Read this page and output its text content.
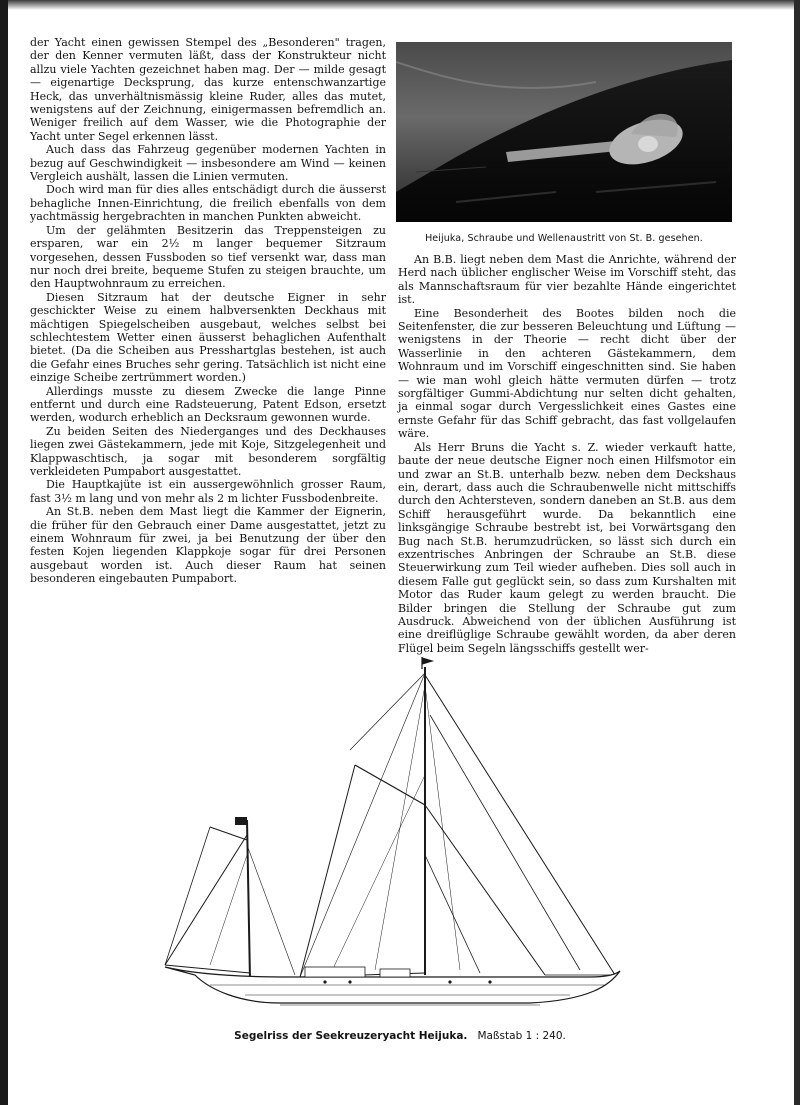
der Yacht einen gewissen Stempel des „Besonderen" tragen, der den Kenner vermuten läßt, dass der Konstrukteur nicht allzu viele Yachten gezeichnet haben mag. Der — milde gesagt — eigenartige Decksprung, das kurze entenschwanzartige Heck, das unverhältnismässig kleine Ruder, alles das mutet, wenigstens auf der Zeichnung, einigermassen befremdlich an. Weniger freilich auf dem Wasser, wie die Photographie der Yacht unter Segel erkennen lässt.

Auch dass das Fahrzeug gegenüber modernen Yachten in bezug auf Geschwindigkeit — insbesondere am Wind — keinen Vergleich aushält, lassen die Linien vermuten.

Doch wird man für dies alles entschädigt durch die äusserst behagliche Innen-Einrichtung, die freilich ebenfalls von dem yachtmässig hergebrachten in manchen Punkten abweicht.

Um der gelähmten Besitzerin das Treppensteigen zu ersparen, war ein 2½ m langer bequemer Sitzraum vorgesehen, dessen Fussboden so tief versenkt war, dass man nur noch drei breite, bequeme Stufen zu steigen brauchte, um den Hauptwohnraum zu erreichen.

Diesen Sitzraum hat der deutsche Eigner in sehr geschickter Weise zu einem halbversenkten Deckhaus mit mächtigen Spiegelscheiben ausgebaut, welches selbst bei schlechtestem Wetter einen äusserst behaglichen Aufenthalt bietet. (Da die Scheiben aus Presshartglas bestehen, ist auch die Gefahr eines Bruches sehr gering. Tatsächlich ist nicht eine einzige Scheibe zertrümmert worden.)

Allerdings musste zu diesem Zwecke die lange Pinne entfernt und durch eine Radsteuerung, Patent Edson, ersetzt werden, wodurch erheblich an Decksraum gewonnen wurde.

Zu beiden Seiten des Niederganges und des Deckhauses liegen zwei Gästekammern, jede mit Koje, Sitzgelegenheit und Klappwaschtisch, ja sogar mit besonderem sorgfältig verkleideten Pumpabort ausgestattet.

Die Hauptkajüte ist ein aussergewöhnlich grosser Raum, fast 3½ m lang und von mehr als 2 m lichter Fussbodenbreite.

An St.B. neben dem Mast liegt die Kammer der Eignerin, die früher für den Gebrauch einer Dame ausgestattet, jetzt zu einem Wohnraum für zwei, ja bei Benutzung der über den festen Kojen liegenden Klappkoje sogar für drei Personen ausgebaut worden ist. Auch dieser Raum hat seinen besonderen eingebauten Pumpabort.

Heijuka, Schraube und Wellenaustritt von St. B. gesehen.

An B.B. liegt neben dem Mast die Anrichte, während der Herd nach üblicher englischer Weise im Vorschiff steht, das als Mannschaftsraum für vier bezahlte Hände eingerichtet ist.

Eine Besonderheit des Bootes bilden noch die Seitenfenster, die zur besseren Beleuchtung und Lüftung — wenigstens in der Theorie — recht dicht über der Wasserlinie in den achteren Gästekammern, dem Wohnraum und im Vorschiff eingeschnitten sind. Sie haben — wie man wohl gleich hätte vermuten dürfen — trotz sorgfältiger Gummi-Abdichtung nur selten dicht gehalten, ja einmal sogar durch Vergesslichkeit eines Gastes eine ernste Gefahr für das Schiff gebracht, das fast vollgelaufen wäre.

Als Herr Bruns die Yacht s. Z. wieder verkauft hatte, baute der neue deutsche Eigner noch einen Hilfsmotor ein und zwar an St.B. unterhalb bezw. neben dem Deckshaus ein, derart, dass auch die Schraubenwelle nicht mittschiffs durch den Achtersteven, sondern daneben an St.B. aus dem Schiff herausgeführt wurde. Da bekanntlich eine linksgängige Schraube bestrebt ist, bei Vorwärtsgang den Bug nach St.B. herumzudrücken, so lässt sich durch ein exzentrisches Anbringen der Schraube an St.B. diese Steuerwirkung zum Teil wieder aufheben. Dies soll auch in diesem Falle gut geglückt sein, so dass zum Kurshalten mit Motor das Ruder kaum gelegt zu werden braucht. Die Bilder bringen die Stellung der Schraube gut zum Ausdruck. Abweichend von der üblichen Ausführung ist eine dreiflüglige Schraube gewählt worden, da aber deren Flügel beim Segeln längsschiffs gestellt wer-

Segelriss der Seekreuzeryacht Heijuka. Maßstab 1 : 240.
